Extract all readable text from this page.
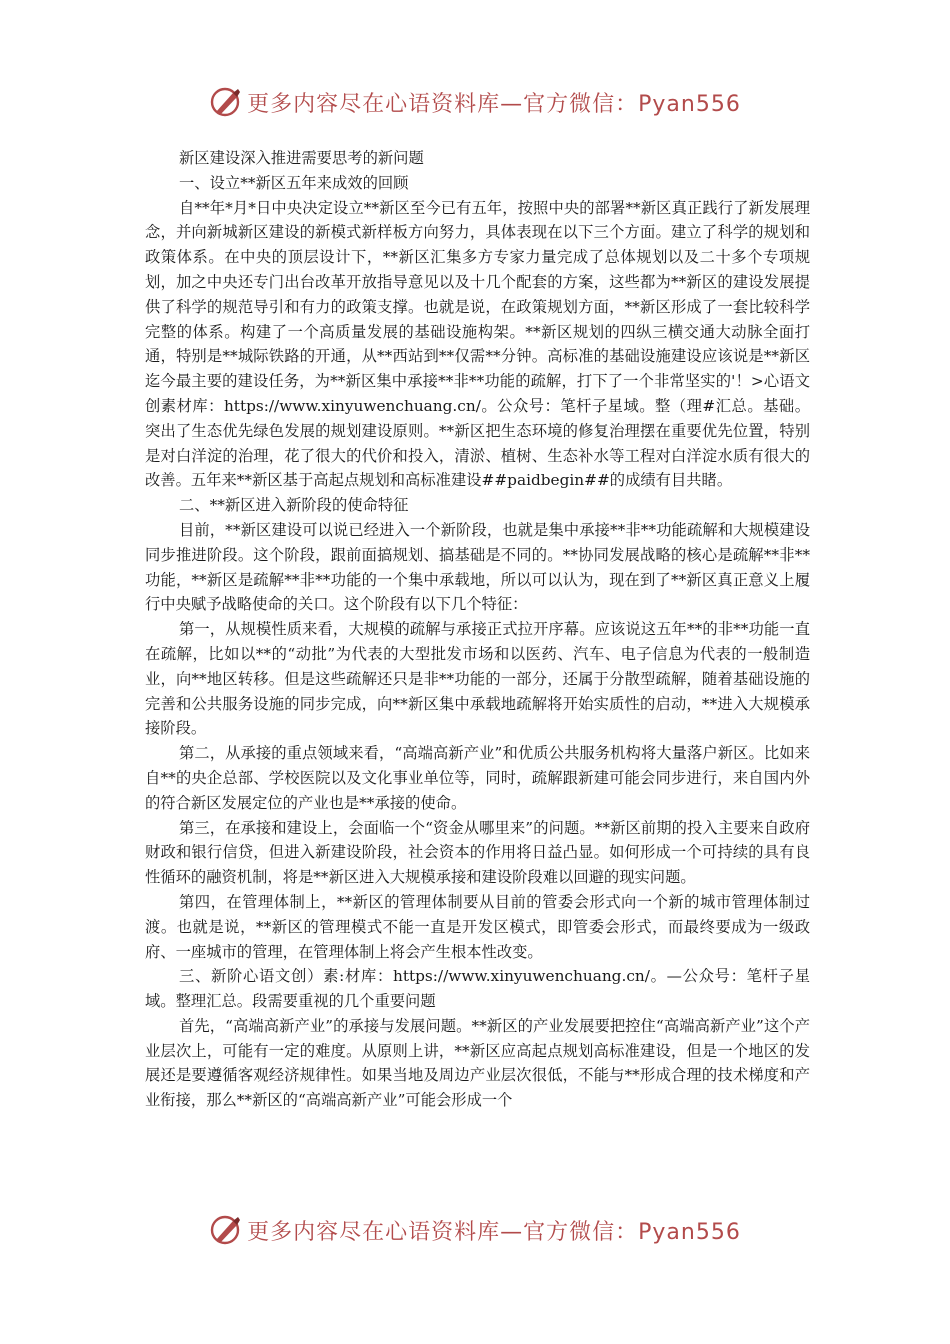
更多内容尽在心语资料库—官方微信：Pyan556

新区建设深入推进需要思考的新问题

一、设立**新区五年来成效的回顾

自**年*月*日中央决定设立**新区至今已有五年，按照中央的部署**新区真正践行了新发展理念，并向新城新区建设的新模式新样板方向努力，具体表现在以下三个方面。建立了科学的规划和政策体系。在中央的顶层设计下，**新区汇集多方专家力量完成了总体规划以及二十多个专项规划，加之中央还专门出台改革开放指导意见以及十几个配套的方案，这些都为**新区的建设发展提供了科学的规范导引和有力的政策支撑。也就是说，在政策规划方面，**新区形成了一套比较科学完整的体系。构建了一个高质量发展的基础设施构架。**新区规划的四纵三横交通大动脉全面打通，特别是**城际铁路的开通，从**西站到**仅需**分钟。高标准的基础设施建设应该说是**新区迄今最主要的建设任务，为**新区集中承接**非**功能的疏解，打下了一个非常坚实的'！>心语文创素材库：https://www.xinyuwenchuang.cn/。公众号：笔杆子星域。整（理#汇总。基础。突出了生态优先绿色发展的规划建设原则。**新区把生态环境的修复治理摆在重要优先位置，特别是对白洋淀的治理，花了很大的代价和投入，清淤、植树、生态补水等工程对白洋淀水质有很大的改善。五年来**新区基于高起点规划和高标准建设##paidbegin##的成绩有目共睹。

二、**新区进入新阶段的使命特征

目前，**新区建设可以说已经进入一个新阶段，也就是集中承接**非**功能疏解和大规模建设同步推进阶段。这个阶段，跟前面搞规划、搞基础是不同的。**协同发展战略的核心是疏解**非**功能，**新区是疏解**非**功能的一个集中承载地，所以可以认为，现在到了**新区真正意义上履行中央赋予战略使命的关口。这个阶段有以下几个特征：

第一，从规模性质来看，大规模的疏解与承接正式拉开序幕。应该说这五年**的非**功能一直在疏解，比如以**的“动批”为代表的大型批发市场和以医药、汽车、电子信息为代表的一般制造业，向**地区转移。但是这些疏解还只是非**功能的一部分，还属于分散型疏解，随着基础设施的完善和公共服务设施的同步完成，向**新区集中承载地疏解将开始实质性的启动，**进入大规模承接阶段。

第二，从承接的重点领域来看，“高端高新产业”和优质公共服务机构将大量落户新区。比如来自**的央企总部、学校医院以及文化事业单位等，同时，疏解跟新建可能会同步进行，来自国内外的符合新区发展定位的产业也是**承接的使命。

第三，在承接和建设上，会面临一个“资金从哪里来”的问题。**新区前期的投入主要来自政府财政和银行信贷，但进入新建设阶段，社会资本的作用将日益凸显。如何形成一个可持续的具有良性循环的融资机制，将是**新区进入大规模承接和建设阶段难以回避的现实问题。

第四，在管理体制上，**新区的管理体制要从目前的管委会形式向一个新的城市管理体制过渡。也就是说，**新区的管理模式不能一直是开发区模式，即管委会形式，而最终要成为一级政府、一座城市的管理，在管理体制上将会产生根本性改变。

三、新阶心语文创）素:材库：https://www.xinyuwenchuang.cn/。—公众号：笔杆子星域。整理汇总。段需要重视的几个重要问题

首先，“高端高新产业”的承接与发展问题。**新区的产业发展要把控住“高端高新产业”这个产业层次上，可能有一定的难度。从原则上讲，**新区应高起点规划高标准建设，但是一个地区的发展还是要遵循客观经济规律性。如果当地及周边产业层次很低，不能与**形成合理的技术梯度和产业衔接，那么**新区的“高端高新产业”可能会形成一个

更多内容尽在心语资料库—官方微信：Pyan556
